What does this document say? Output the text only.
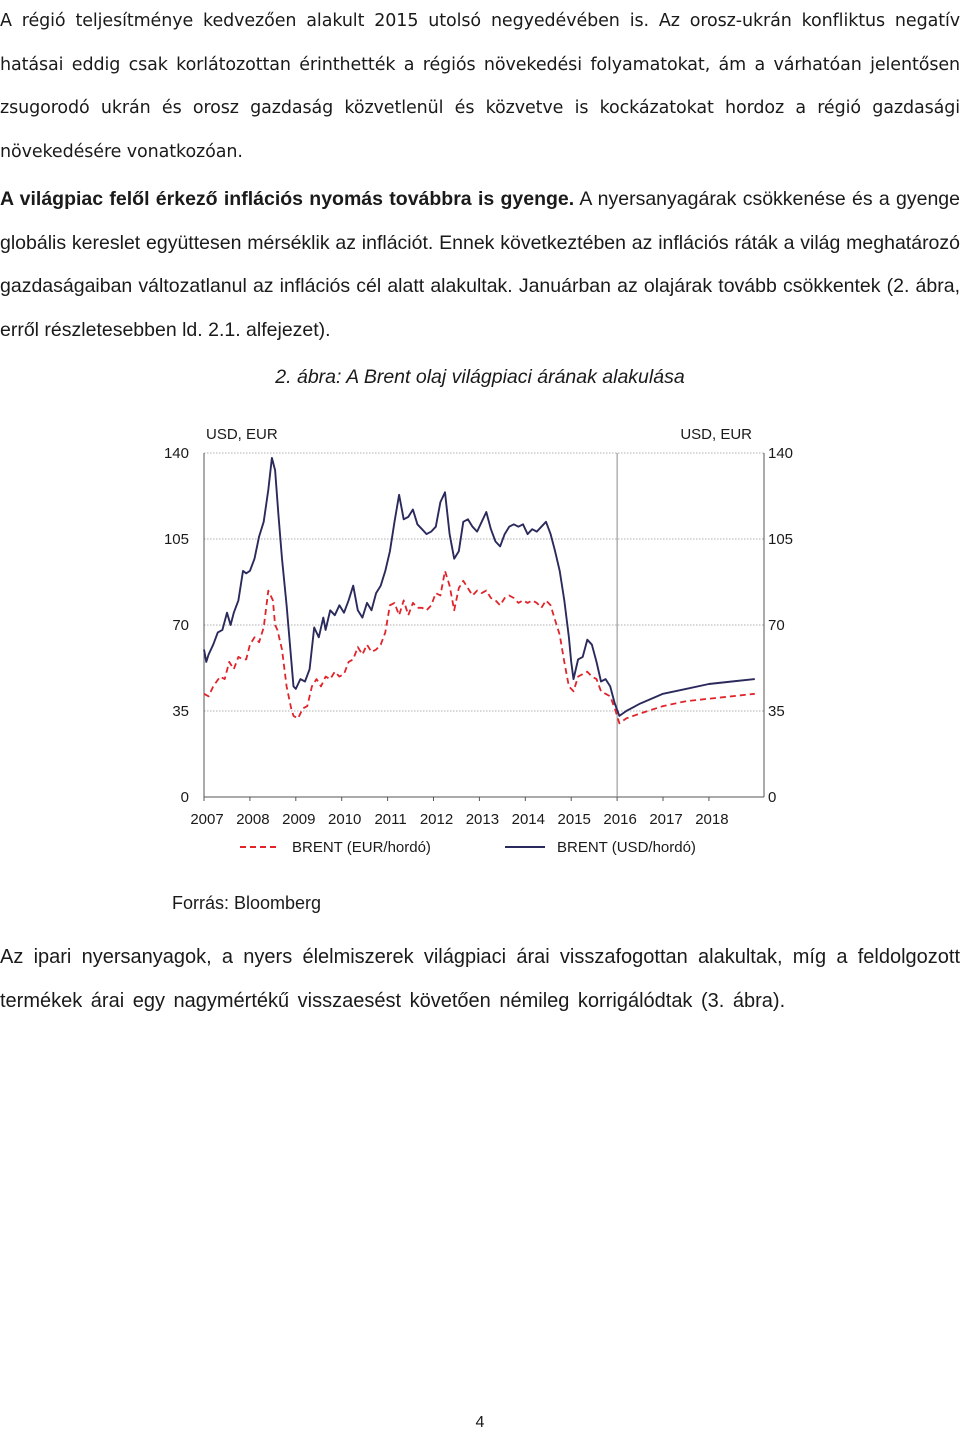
A régió teljesítménye kedvezően alakult 2015 utolsó negyedévében is. Az orosz-ukrán konfliktus negatív hatásai eddig csak korlátozottan érinthették a régiós növekedési folyamatokat, ám a várhatóan jelentősen zsugorodó ukrán és orosz gazdaság közvetlenül és közvetve is kockázatokat hordoz a régió gazdasági növekedésére vonatkozóan.

A világpiac felől érkező inflációs nyomás továbbra is gyenge. A nyersanyagárak csökkenése és a gyenge globális kereslet együttesen mérséklik az inflációt. Ennek következtében az inflációs ráták a világ meghatározó gazdaságaiban változatlanul az inflációs cél alatt alakultak. Januárban az olajárak tovább csökkentek (2. ábra, erről részletesebben ld. 2.1. alfejezet).

2. ábra: A Brent olaj világpiaci árának alakulása
0	0
35	35
70	70
105	105
140	140
2007 2008 2009 2010 2011 2012 2013 2014 2015 2016 2017 2018
USD, EUR	USD, EUR
BRENT (EUR/hordó)	BRENT (USD/hordó)
Forrás: Bloomberg

Az ipari nyersanyagok, a nyers élelmiszerek világpiaci árai visszafogottan alakultak, míg a feldolgozott termékek árai egy nagymértékű visszaesést követően némileg korrigálódtak (3. ábra).

4
